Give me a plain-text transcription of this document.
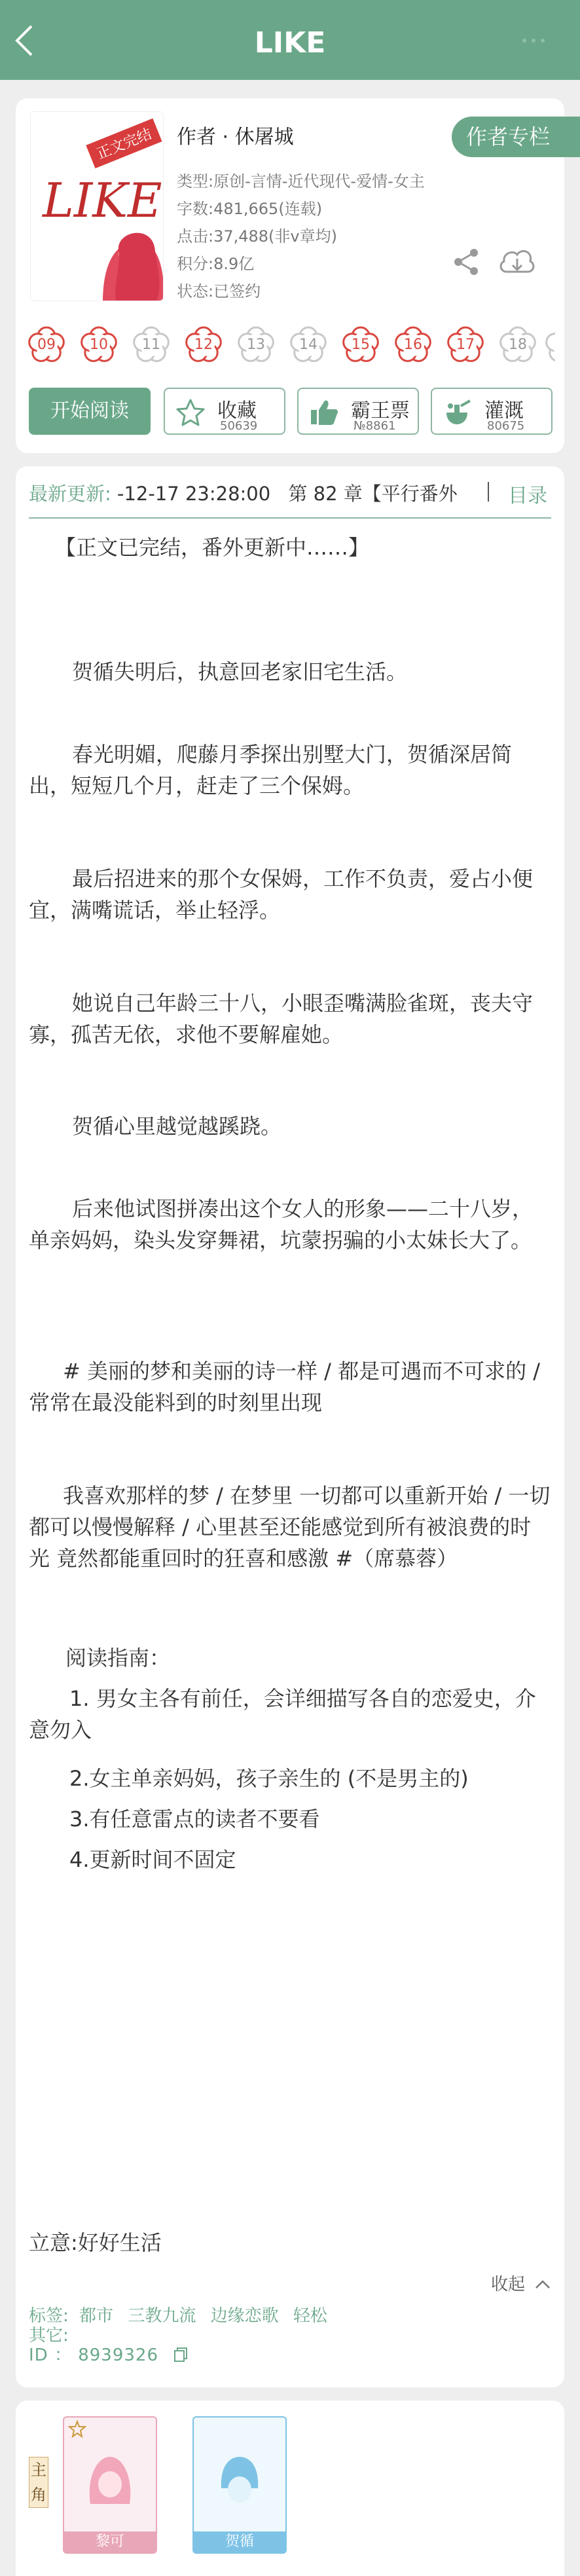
LIKE
正文完结
LIKE
作者 · 休屠城	作者专栏
类型:原创-言情-近代现代-爱情-女主
字数:481,665(连载)
点击:37,488(非v章均)
积分:8.9亿
状态:已签约
09	10	11	12	13	14	15	16	17	18
开始阅读	收藏
50639
霸王票
№8861
灌溉
80675
最新更新: -12-17 23:28:00 第 82 章【平行番外	目录

【正文已完结，番外更新中……】

贺循失明后，执意回老家旧宅生活。

春光明媚，爬藤月季探出别墅大门，贺循深居简出，短短几个月，赶走了三个保姆。

最后招进来的那个女保姆，工作不负责，爱占小便宜，满嘴谎话，举止轻浮。

她说自己年龄三十八，小眼歪嘴满脸雀斑，丧夫守寡，孤苦无依，求他不要解雇她。

贺循心里越觉越蹊跷。

后来他试图拼凑出这个女人的形象——二十八岁，单亲妈妈，染头发穿舞裙，坑蒙拐骗的小太妹长大了。

# 美丽的梦和美丽的诗一样 / 都是可遇而不可求的 / 常常在最没能料到的时刻里出现

我喜欢那样的梦 / 在梦里 一切都可以重新开始 / 一切都可以慢慢解释 / 心里甚至还能感觉到所有被浪费的时光 竟然都能重回时的狂喜和感激 #（席慕蓉）

阅读指南：

1. 男女主各有前任，会详细描写各自的恋爱史，介意勿入

2.女主单亲妈妈，孩子亲生的 (不是男主的)

3.有任意雷点的读者不要看

4.更新时间不固定

立意:好好生活
收起
标签: 都市 三教九流 边缘恋歌 轻松
其它:
ID ： 8939326
主角
黎可	贺循
